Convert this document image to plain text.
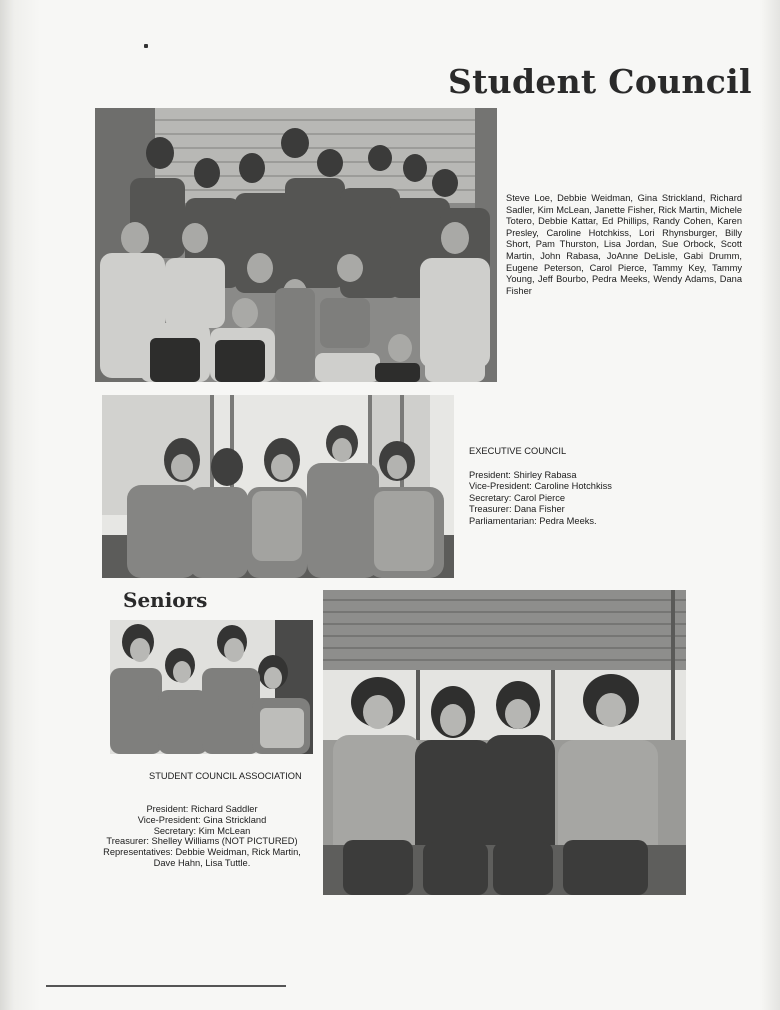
Student Council
Steve Loe, Debbie Weidman, Gina Strickland, Richard Sadler, Kim McLean, Janette Fisher, Rick Martin, Michele Totero, Debbie Kattar, Ed Phillips, Randy Cohen, Karen Presley, Caroline Hotchkiss, Lori Rhynsburger, Billy Short, Pam Thurston, Lisa Jordan, Sue Orbock, Scott Martin, John Rabasa, JoAnne DeLisle, Gabi Drumm, Eugene Peterson, Carol Pierce, Tammy Key, Tammy Young, Jeff Bourbo, Pedra Meeks, Wendy Adams, Dana Fisher
EXECUTIVE COUNCIL
President: Shirley Rabasa
Vice-President: Caroline Hotchkiss
Secretary: Carol Pierce
Treasurer: Dana Fisher
Parliamentarian: Pedra Meeks.
Seniors
STUDENT COUNCIL ASSOCIATION
President: Richard Saddler
Vice-President: Gina Strickland
Secretary: Kim McLean
Treasurer: Shelley Williams (NOT PICTURED)
Representatives: Debbie Weidman, Rick Martin,
Dave Hahn, Lisa Tuttle.
